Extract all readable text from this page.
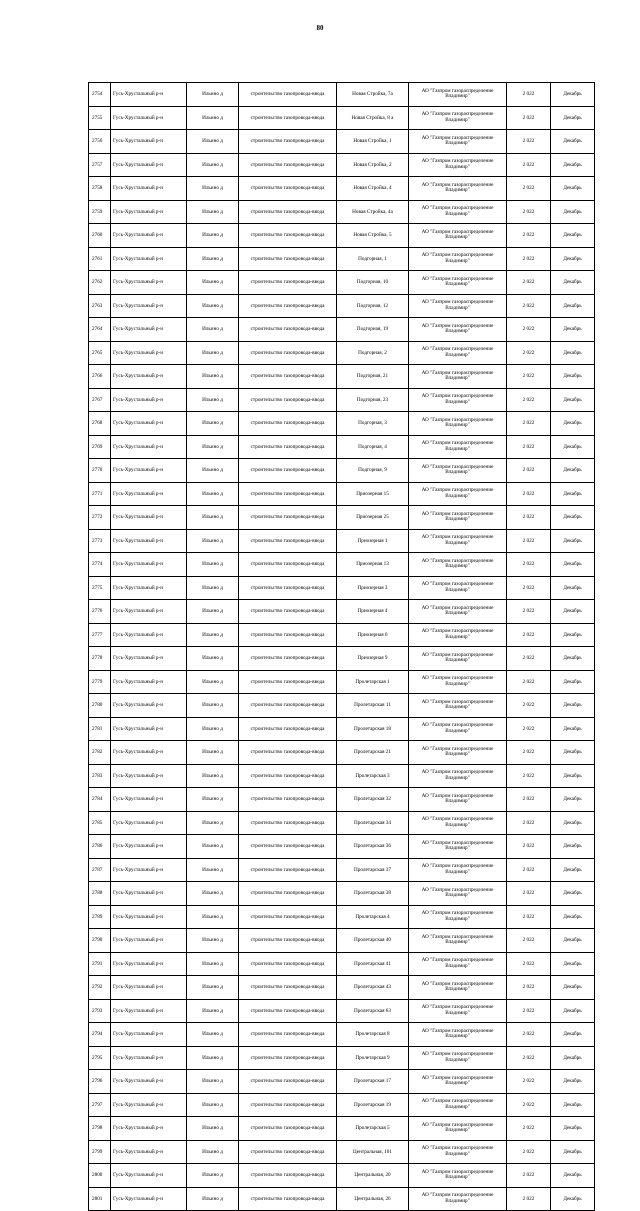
80
2754	Гусь-Хрустальный р-н	Ильино д	строительство газопровода-ввода	Новая Стройка, 7а	АО "Газпром газораспределение Владимир"	2 022	Декабрь
2755	Гусь-Хрустальный р-н	Ильино д	строительство газопровода-ввода	Новая Стройка, 8 а	АО "Газпром газораспределение Владимир"	2 022	Декабрь
2756	Гусь-Хрустальный р-н	Ильино д	строительство газопровода-ввода	Новая Стройка, 1	АО "Газпром газораспределение Владимир"	2 022	Декабрь
2757	Гусь-Хрустальный р-н	Ильино д	строительство газопровода-ввода	Новая Стройка, 2	АО "Газпром газораспределение Владимир"	2 022	Декабрь
2758	Гусь-Хрустальный р-н	Ильино д	строительство газопровода-ввода	Новая Стройка, 4	АО "Газпром газораспределение Владимир"	2 022	Декабрь
2759	Гусь-Хрустальный р-н	Ильино д	строительство газопровода-ввода	Новая Стройка, 4а	АО "Газпром газораспределение Владимир"	2 022	Декабрь
2760	Гусь-Хрустальный р-н	Ильино д	строительство газопровода-ввода	Новая Стройка, 5	АО "Газпром газораспределение Владимир"	2 022	Декабрь
2761	Гусь-Хрустальный р-н	Ильино д	строительство газопровода-ввода	Подгорная, 1	АО "Газпром газораспределение Владимир"	2 022	Декабрь
2762	Гусь-Хрустальный р-н	Ильино д	строительство газопровода-ввода	Подгорная, 10	АО "Газпром газораспределение Владимир"	2 022	Декабрь
2763	Гусь-Хрустальный р-н	Ильино д	строительство газопровода-ввода	Подгорная, 12	АО "Газпром газораспределение Владимир"	2 022	Декабрь
2764	Гусь-Хрустальный р-н	Ильино д	строительство газопровода-ввода	Подгорная, 19	АО "Газпром газораспределение Владимир"	2 022	Декабрь
2765	Гусь-Хрустальный р-н	Ильино д	строительство газопровода-ввода	Подгорная, 2	АО "Газпром газораспределение Владимир"	2 022	Декабрь
2766	Гусь-Хрустальный р-н	Ильино д	строительство газопровода-ввода	Подгорная, 21	АО "Газпром газораспределение Владимир"	2 022	Декабрь
2767	Гусь-Хрустальный р-н	Ильино д	строительство газопровода-ввода	Подгорная, 23	АО "Газпром газораспределение Владимир"	2 022	Декабрь
2768	Гусь-Хрустальный р-н	Ильино д	строительство газопровода-ввода	Подгорная, 3	АО "Газпром газораспределение Владимир"	2 022	Декабрь
2769	Гусь-Хрустальный р-н	Ильино д	строительство газопровода-ввода	Подгорная, 4	АО "Газпром газораспределение Владимир"	2 022	Декабрь
2770	Гусь-Хрустальный р-н	Ильино д	строительство газопровода-ввода	Подгорная, 9	АО "Газпром газораспределение Владимир"	2 022	Декабрь
2771	Гусь-Хрустальный р-н	Ильино д	строительство газопровода-ввода	Приозерная 15	АО "Газпром газораспределение Владимир"	2 022	Декабрь
2772	Гусь-Хрустальный р-н	Ильино д	строительство газопровода-ввода	Приозерная 25	АО "Газпром газораспределение Владимир"	2 022	Декабрь
2773	Гусь-Хрустальный р-н	Ильино д	строительство газопровода-ввода	Приозерная 1	АО "Газпром газораспределение Владимир"	2 022	Декабрь
2774	Гусь-Хрустальный р-н	Ильино д	строительство газопровода-ввода	Приозерная 13	АО "Газпром газораспределение Владимир"	2 022	Декабрь
2775	Гусь-Хрустальный р-н	Ильино д	строительство газопровода-ввода	Приозерная 3	АО "Газпром газораспределение Владимир"	2 022	Декабрь
2776	Гусь-Хрустальный р-н	Ильино д	строительство газопровода-ввода	Приозерная 4	АО "Газпром газораспределение Владимир"	2 022	Декабрь
2777	Гусь-Хрустальный р-н	Ильино д	строительство газопровода-ввода	Приозерная 6	АО "Газпром газораспределение Владимир"	2 022	Декабрь
2778	Гусь-Хрустальный р-н	Ильино д	строительство газопровода-ввода	Приозерная 9	АО "Газпром газораспределение Владимир"	2 022	Декабрь
2779	Гусь-Хрустальный р-н	Ильино д	строительство газопровода-ввода	Пролетарская 1	АО "Газпром газораспределение Владимир"	2 022	Декабрь
2780	Гусь-Хрустальный р-н	Ильино д	строительство газопровода-ввода	Пролетарская 11	АО "Газпром газораспределение Владимир"	2 022	Декабрь
2781	Гусь-Хрустальный р-н	Ильино д	строительство газопровода-ввода	Пролетарская 18	АО "Газпром газораспределение Владимир"	2 022	Декабрь
2782	Гусь-Хрустальный р-н	Ильино д	строительство газопровода-ввода	Пролетарская 21	АО "Газпром газораспределение Владимир"	2 022	Декабрь
2783	Гусь-Хрустальный р-н	Ильино д	строительство газопровода-ввода	Пролетарская 3	АО "Газпром газораспределение Владимир"	2 022	Декабрь
2784	Гусь-Хрустальный р-н	Ильино д	строительство газопровода-ввода	Пролетарская 32	АО "Газпром газораспределение Владимир"	2 022	Декабрь
2785	Гусь-Хрустальный р-н	Ильино д	строительство газопровода-ввода	Пролетарская 34	АО "Газпром газораспределение Владимир"	2 022	Декабрь
2786	Гусь-Хрустальный р-н	Ильино д	строительство газопровода-ввода	Пролетарская 36	АО "Газпром газораспределение Владимир"	2 022	Декабрь
2787	Гусь-Хрустальный р-н	Ильино д	строительство газопровода-ввода	Пролетарская 37	АО "Газпром газораспределение Владимир"	2 022	Декабрь
2788	Гусь-Хрустальный р-н	Ильино д	строительство газопровода-ввода	Пролетарская 38	АО "Газпром газораспределение Владимир"	2 022	Декабрь
2789	Гусь-Хрустальный р-н	Ильино д	строительство газопровода-ввода	Пролетарская 4	АО "Газпром газораспределение Владимир"	2 022	Декабрь
2790	Гусь-Хрустальный р-н	Ильино д	строительство газопровода-ввода	Пролетарская 40	АО "Газпром газораспределение Владимир"	2 022	Декабрь
2791	Гусь-Хрустальный р-н	Ильино д	строительство газопровода-ввода	Пролетарская 41	АО "Газпром газораспределение Владимир"	2 022	Декабрь
2792	Гусь-Хрустальный р-н	Ильино д	строительство газопровода-ввода	Пролетарская 43	АО "Газпром газораспределение Владимир"	2 022	Декабрь
2793	Гусь-Хрустальный р-н	Ильино д	строительство газопровода-ввода	Пролетарская 63	АО "Газпром газораспределение Владимир"	2 022	Декабрь
2794	Гусь-Хрустальный р-н	Ильино д	строительство газопровода-ввода	Пролетарская 8	АО "Газпром газораспределение Владимир"	2 022	Декабрь
2795	Гусь-Хрустальный р-н	Ильино д	строительство газопровода-ввода	Пролетарская 9	АО "Газпром газораспределение Владимир"	2 022	Декабрь
2796	Гусь-Хрустальный р-н	Ильино д	строительство газопровода-ввода	Пролетарская 17	АО "Газпром газораспределение Владимир"	2 022	Декабрь
2797	Гусь-Хрустальный р-н	Ильино д	строительство газопровода-ввода	Пролетарская 19	АО "Газпром газораспределение Владимир"	2 022	Декабрь
2798	Гусь-Хрустальный р-н	Ильино д	строительство газопровода-ввода	Пролетарская 5	АО "Газпром газораспределение Владимир"	2 022	Декабрь
2799	Гусь-Хрустальный р-н	Ильино д	строительство газопровода-ввода	Центральная, 101	АО "Газпром газораспределение Владимир"	2 022	Декабрь
2800	Гусь-Хрустальный р-н	Ильино д	строительство газопровода-ввода	Центральная, 20	АО "Газпром газораспределение Владимир"	2 022	Декабрь
2801	Гусь-Хрустальный р-н	Ильино д	строительство газопровода-ввода	Центральная, 26	АО "Газпром газораспределение Владимир"	2 022	Декабрь
